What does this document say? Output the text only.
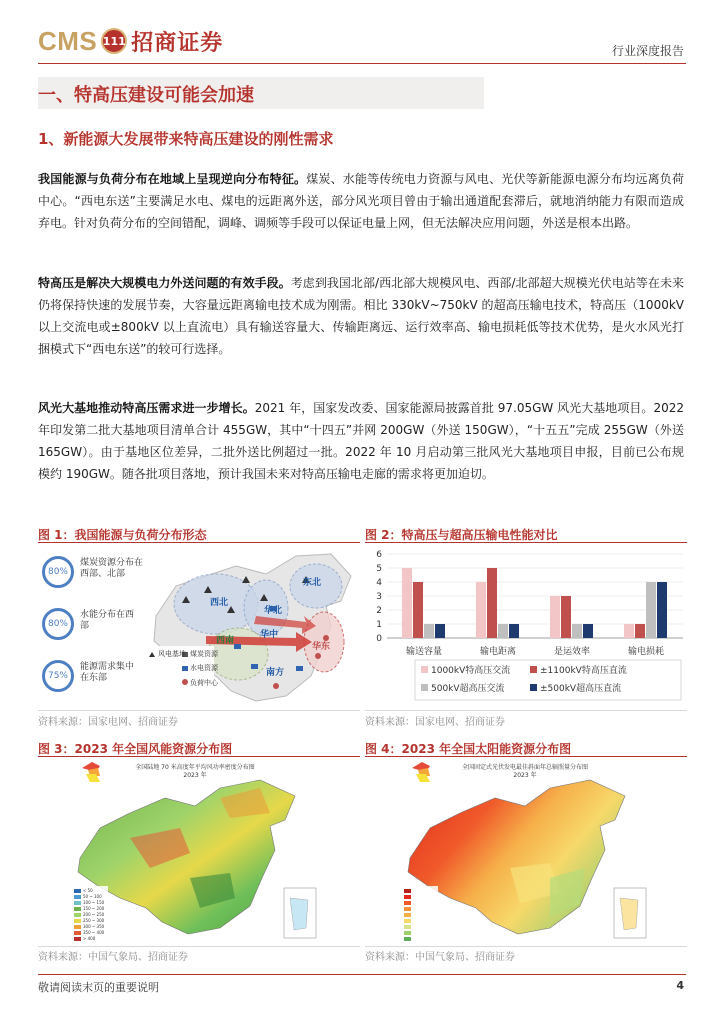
CMS 111 招商证券	行业深度报告
一、特高压建设可能会加速
1、新能源大发展带来特高压建设的刚性需求
我国能源与负荷分布在地域上呈现逆向分布特征。煤炭、水能等传统电力资源与风电、光伏等新能源电源分布均远离负荷中心。“西电东送”主要满足水电、煤电的远距离外送，部分风光项目曾由于输出通道配套滞后，就地消纳能力有限而造成弃电。针对负荷分布的空间错配，调峰、调频等手段可以保证电量上网，但无法解决应用问题，外送是根本出路。
特高压是解决大规模电力外送问题的有效手段。考虑到我国北部/西北部大规模风电、西部/北部超大规模光伏电站等在未来仍将保持快速的发展节奏，大容量远距离输电技术成为刚需。相比 330kV~750kV 的超高压输电技术，特高压（1000kV 以上交流电或±800kV 以上直流电）具有输送容量大、传输距离远、运行效率高、输电损耗低等技术优势，是火水风光打捆模式下“西电东送”的较可行选择。
风光大基地推动特高压需求进一步增长。2021 年，国家发改委、国家能源局披露首批 97.05GW 风光大基地项目。2022 年印发第二批大基地项目清单合计 455GW，其中“十四五”并网 200GW（外送 150GW），“十五五”完成 255GW（外送 165GW）。由于基地区位差异，二批外送比例超过一批。2022 年 10 月启动第三批风光大基地项目申报，目前已公布规模约 190GW。随各批项目落地，预计我国未来对特高压输电走廊的需求将更加迫切。
图 1：我国能源与负荷分布形态
80%
煤炭资源分布在西部、北部
80%
水能分布在西部
75%
能源需求集中在东部
东北
西北
华北
华中
西南
华东
南方
风电基地 煤炭资源
水电资源
负荷中心
资料来源：国家电网、招商证券
图 2：特高压与超高压输电性能对比
0
1
2
3
4
5
6
输送容量	输电距离	是运效率	输电损耗
1000kV特高压交流	±1100kV特高压直流
500kV超高压交流	±500kV超高压直流
资料来源：国家电网、招商证券
图 3：2023 年全国风能资源分布图
全国陆地 70 米高度年平均风功率密度分布图
2023 年
< 50
50 ~ 100
100 ~ 150
150 ~ 200
200 ~ 250
250 ~ 300
300 ~ 350
350 ~ 400
> 400
资料来源：中国气象局、招商证券
图 4：2023 年全国太阳能资源分布图
全国固定式光伏发电最佳斜面年总辐照量分布图
2023 年
资料来源：中国气象局、招商证券
敬请阅读末页的重要说明	4
